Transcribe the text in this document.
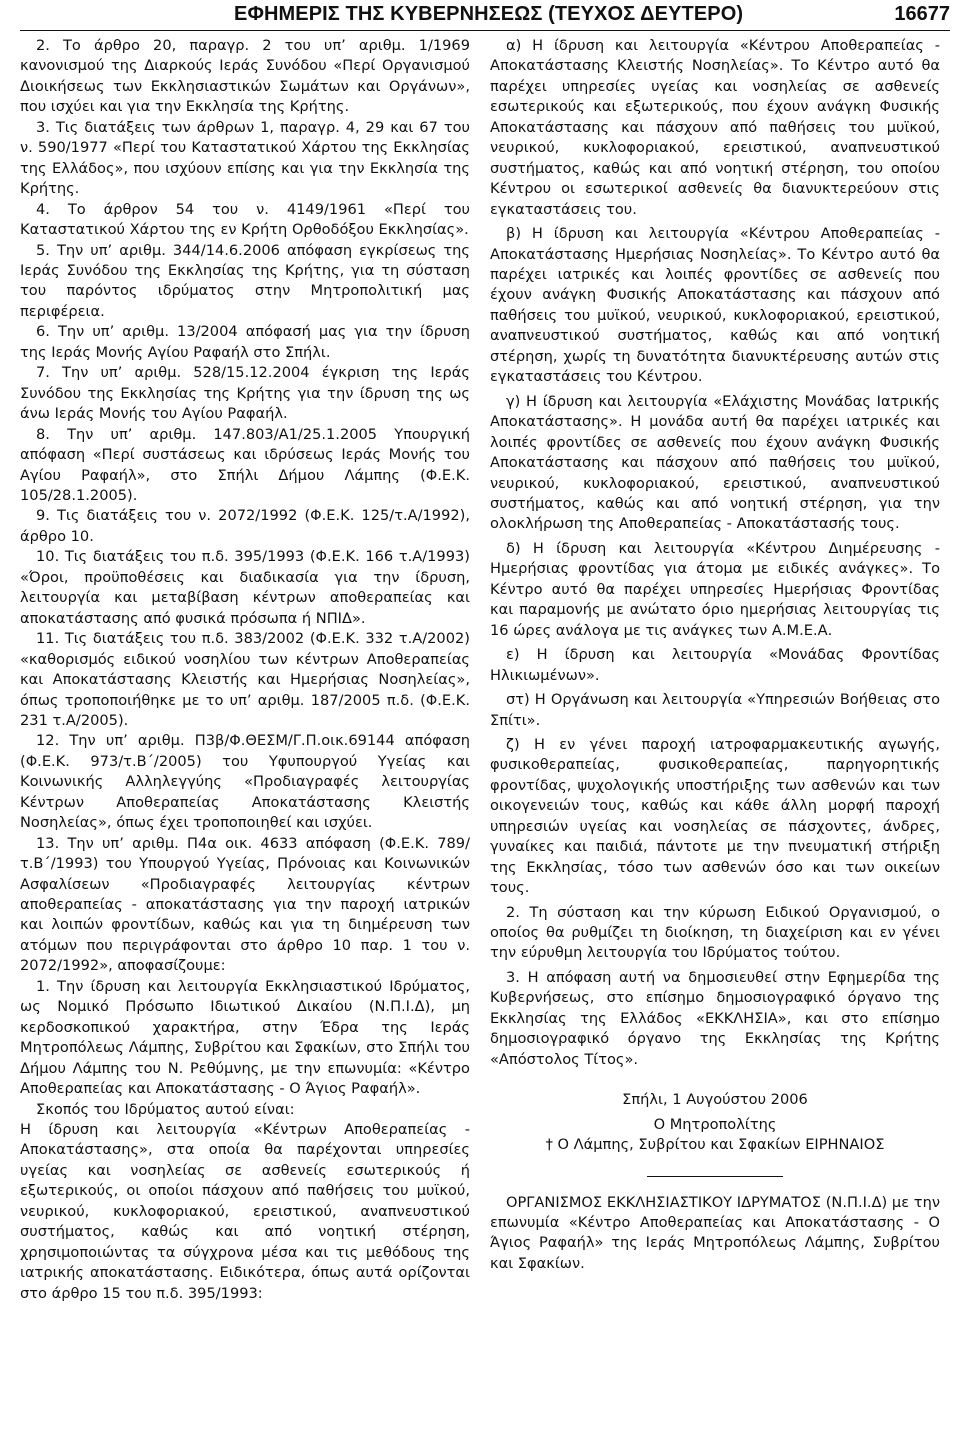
ΕΦΗΜΕΡΙΣ ΤΗΣ ΚΥΒΕΡΝΗΣΕΩΣ (ΤΕΥΧΟΣ ΔΕΥΤΕΡΟ)	16677

2. Το άρθρο 20, παραγρ. 2 του υπ’ αριθμ. 1/1969 κανονισμού της Διαρκούς Ιεράς Συνόδου «Περί Οργανισμού Διοικήσεως των Εκκλησιαστικών Σωμάτων και Οργάνων», που ισχύει και για την Εκκλησία της Κρήτης.

3. Τις διατάξεις των άρθρων 1, παραγρ. 4, 29 και 67 του ν. 590/1977 «Περί του Καταστατικού Χάρτου της Εκκλησίας της Ελλάδος», που ισχύουν επίσης και για την Εκκλησία της Κρήτης.

4. Το άρθρον 54 του ν. 4149/1961 «Περί του Καταστατικού Χάρτου της εν Κρήτη Ορθοδόξου Εκκλησίας».

5. Την υπ’ αριθμ. 344/14.6.2006 απόφαση εγκρίσεως της Ιεράς Συνόδου της Εκκλησίας της Κρήτης, για τη σύσταση του παρόντος ιδρύματος στην Μητροπολιτική μας περιφέρεια.

6. Την υπ’ αριθμ. 13/2004 απόφασή μας για την ίδρυση της Ιεράς Μονής Αγίου Ραφαήλ στο Σπήλι.

7. Την υπ’ αριθμ. 528/15.12.2004 έγκριση της Ιεράς Συνόδου της Εκκλησίας της Κρήτης για την ίδρυση της ως άνω Ιεράς Μονής του Αγίου Ραφαήλ.

8. Την υπ’ αριθμ. 147.803/Α1/25.1.2005 Υπουργική απόφαση «Περί συστάσεως και ιδρύσεως Ιεράς Μονής του Αγίου Ραφαήλ», στο Σπήλι Δήμου Λάμπης (Φ.Ε.Κ. 105/28.1.2005).

9. Τις διατάξεις του ν. 2072/1992 (Φ.Ε.Κ. 125/τ.Α/1992), άρθρο 10.

10. Τις διατάξεις του π.δ. 395/1993 (Φ.Ε.Κ. 166 τ.Α/1993) «Όροι, προϋποθέσεις και διαδικασία για την ίδρυση, λειτουργία και μεταβίβαση κέντρων αποθεραπείας και αποκατάστασης από φυσικά πρόσωπα ή ΝΠΙΔ».

11. Τις διατάξεις του π.δ. 383/2002 (Φ.Ε.Κ. 332 τ.Α/2002) «καθορισμός ειδικού νοσηλίου των κέντρων Αποθεραπείας και Αποκατάστασης Κλειστής και Ημερήσιας Νοσηλείας», όπως τροποποιήθηκε με το υπ’ αριθμ. 187/2005 π.δ. (Φ.Ε.Κ. 231 τ.Α/2005).

12. Την υπ’ αριθμ. Π3β/Φ.ΘΕΣΜ/Γ.Π.οικ.69144 απόφαση (Φ.Ε.Κ. 973/τ.Β΄/2005) του Υφυπουργού Υγείας και Κοινωνικής Αλληλεγγύης «Προδιαγραφές λειτουργίας Κέντρων Αποθεραπείας Αποκατάστασης Κλειστής Νοσηλείας», όπως έχει τροποποιηθεί και ισχύει.

13. Την υπ’ αριθμ. Π4α οικ. 4633 απόφαση (Φ.Ε.Κ. 789/τ.Β΄/1993) του Υπουργού Υγείας, Πρόνοιας και Κοινωνικών Ασφαλίσεων «Προδιαγραφές λειτουργίας κέντρων αποθεραπείας - αποκατάστασης για την παροχή ιατρικών και λοιπών φροντίδων, καθώς και για τη διημέρευση των ατόμων που περιγράφονται στο άρθρο 10 παρ. 1 του ν. 2072/1992», αποφασίζουμε:

1. Την ίδρυση και λειτουργία Εκκλησιαστικού Ιδρύματος, ως Νομικό Πρόσωπο Ιδιωτικού Δικαίου (Ν.Π.Ι.Δ), μη κερδοσκοπικού χαρακτήρα, στην Έδρα της Ιεράς Μητροπόλεως Λάμπης, Συβρίτου και Σφακίων, στο Σπήλι του Δήμου Λάμπης του Ν. Ρεθύμνης, με την επωνυμία: «Κέντρο Αποθεραπείας και Αποκατάστασης - Ο Άγιος Ραφαήλ».

Σκοπός του Ιδρύματος αυτού είναι:

Η ίδρυση και λειτουργία «Κέντρων Αποθεραπείας - Αποκατάστασης», στα οποία θα παρέχονται υπηρεσίες υγείας και νοσηλείας σε ασθενείς εσωτερικούς ή εξωτερικούς, οι οποίοι πάσχουν από παθήσεις του μυϊκού, νευρικού, κυκλοφοριακού, ερειστικού, αναπνευστικού συστήματος, καθώς και από νοητική στέρηση, χρησιμοποιώντας τα σύγχρονα μέσα και τις μεθόδους της ιατρικής αποκατάστασης. Ειδικότερα, όπως αυτά ορίζονται στο άρθρο 15 του π.δ. 395/1993:

α) Η ίδρυση και λειτουργία «Κέντρου Αποθεραπείας - Αποκατάστασης Κλειστής Νοσηλείας». Το Κέντρο αυτό θα παρέχει υπηρεσίες υγείας και νοσηλείας σε ασθενείς εσωτερικούς και εξωτερικούς, που έχουν ανάγκη Φυσικής Αποκατάστασης και πάσχουν από παθήσεις του μυϊκού, νευρικού, κυκλοφοριακού, ερειστικού, αναπνευστικού συστήματος, καθώς και από νοητική στέρηση, του οποίου Κέντρου οι εσωτερικοί ασθενείς θα διανυκτερεύουν στις εγκαταστάσεις του.

β) Η ίδρυση και λειτουργία «Κέντρου Αποθεραπείας - Αποκατάστασης Ημερήσιας Νοσηλείας». Το Κέντρο αυτό θα παρέχει ιατρικές και λοιπές φροντίδες σε ασθενείς που έχουν ανάγκη Φυσικής Αποκατάστασης και πάσχουν από παθήσεις του μυϊκού, νευρικού, κυκλοφοριακού, ερειστικού, αναπνευστικού συστήματος, καθώς και από νοητική στέρηση, χωρίς τη δυνατότητα διανυκτέρευσης αυτών στις εγκαταστάσεις του Κέντρου.

γ) Η ίδρυση και λειτουργία «Ελάχιστης Μονάδας Ιατρικής Αποκατάστασης». Η μονάδα αυτή θα παρέχει ιατρικές και λοιπές φροντίδες σε ασθενείς που έχουν ανάγκη Φυσικής Αποκατάστασης και πάσχουν από παθήσεις του μυϊκού, νευρικού, κυκλοφοριακού, ερειστικού, αναπνευστικού συστήματος, καθώς και από νοητική στέρηση, για την ολοκλήρωση της Αποθεραπείας - Αποκατάστασής τους.

δ) Η ίδρυση και λειτουργία «Κέντρου Διημέρευσης - Ημερήσιας φροντίδας για άτομα με ειδικές ανάγκες». Το Κέντρο αυτό θα παρέχει υπηρεσίες Ημερήσιας Φροντίδας και παραμονής με ανώτατο όριο ημερήσιας λειτουργίας τις 16 ώρες ανάλογα με τις ανάγκες των Α.Μ.Ε.Α.

ε) Η ίδρυση και λειτουργία «Μονάδας Φροντίδας Ηλικιωμένων».

στ) Η Οργάνωση και λειτουργία «Υπηρεσιών Βοήθειας στο Σπίτι».

ζ) Η εν γένει παροχή ιατροφαρμακευτικής αγωγής, φυσικοθεραπείας, φυσικοθεραπείας, παρηγορητικής φροντίδας, ψυχολογικής υποστήριξης των ασθενών και των οικογενειών τους, καθώς και κάθε άλλη μορφή παροχή υπηρεσιών υγείας και νοσηλείας σε πάσχοντες, άνδρες, γυναίκες και παιδιά, πάντοτε με την πνευματική στήριξη της Εκκλησίας, τόσο των ασθενών όσο και των οικείων τους.

2. Τη σύσταση και την κύρωση Ειδικού Οργανισμού, ο οποίος θα ρυθμίζει τη διοίκηση, τη διαχείριση και εν γένει την εύρυθμη λειτουργία του Ιδρύματος τούτου.

3. Η απόφαση αυτή να δημοσιευθεί στην Εφημερίδα της Κυβερνήσεως, στο επίσημο δημοσιογραφικό όργανο της Εκκλησίας της Ελλάδος «ΕΚΚΛΗΣΙΑ», και στο επίσημο δημοσιογραφικό όργανο της Εκκλησίας της Κρήτης «Απόστολος Τίτος».

Σπήλι, 1 Αυγούστου 2006

Ο Μητροπολίτης

† Ο Λάμπης, Συβρίτου και Σφακίων ΕΙΡΗΝΑΙΟΣ

ΟΡΓΑΝΙΣΜΟΣ ΕΚΚΛΗΣΙΑΣΤΙΚΟΥ ΙΔΡΥΜΑΤΟΣ (Ν.Π.Ι.Δ) με την επωνυμία «Κέντρο Αποθεραπείας και Αποκατάστασης - Ο Άγιος Ραφαήλ» της Ιεράς Μητροπόλεως Λάμπης, Συβρίτου και Σφακίων.
